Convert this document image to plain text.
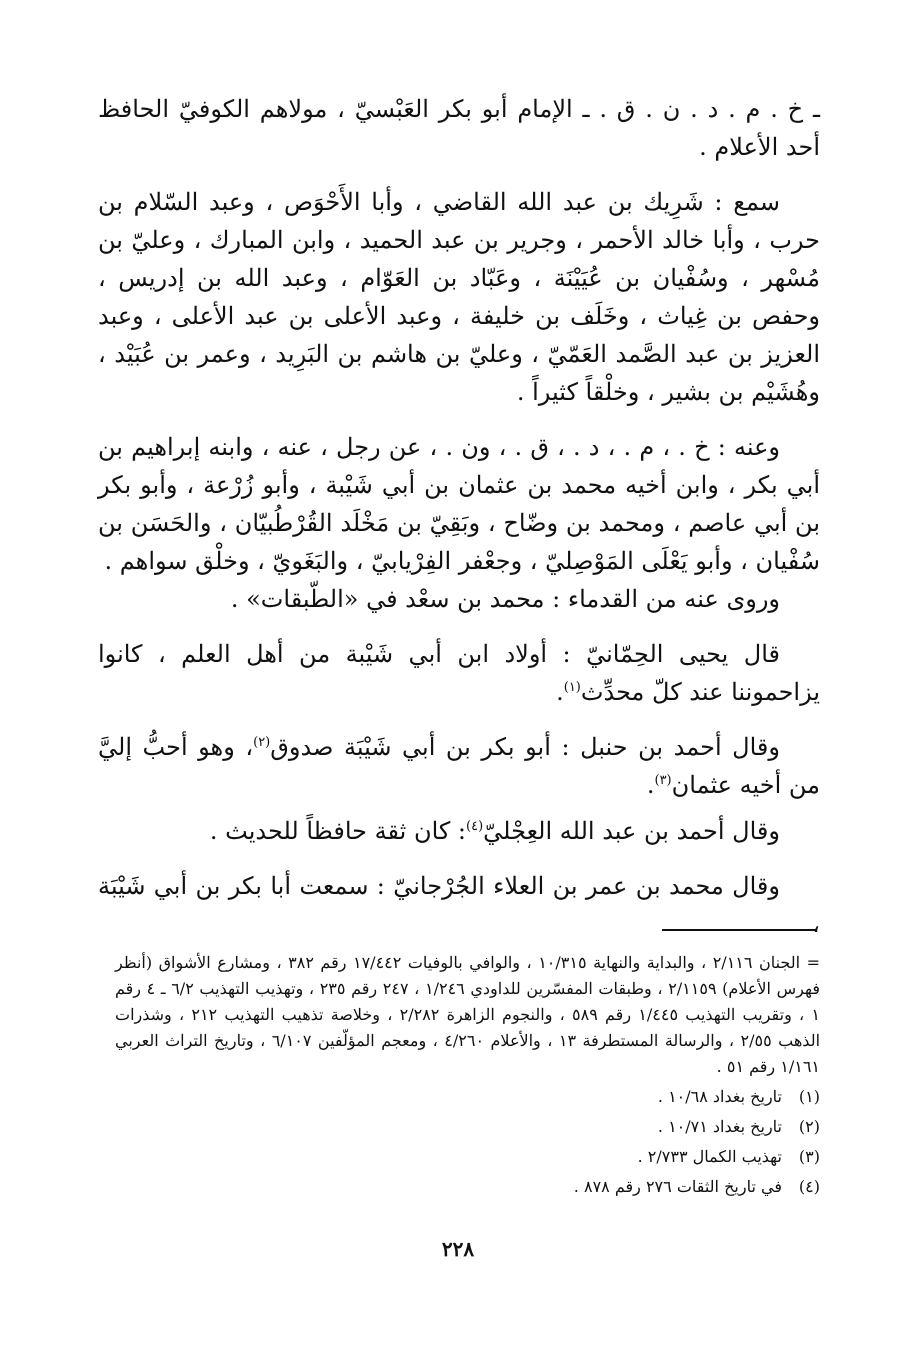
ـ خ . م . د . ن . ق . ـ الإمام أبو بكر العَبْسيّ ، مولاهم الكوفيّ الحافظ أحد الأعلام .

سمع : شَرِيك بن عبد الله القاضي ، وأبا الأَحْوَص ، وعبد السّلام بن حرب ، وأبا خالد الأحمر ، وجرير بن عبد الحميد ، وابن المبارك ، وعليّ بن مُسْهر ، وسُفْيان بن عُيَيْنَة ، وعَبّاد بن العَوّام ، وعبد الله بن إدريس ، وحفص بن غِياث ، وخَلَف بن خليفة ، وعبد الأعلى بن عبد الأعلى ، وعبد العزيز بن عبد الصَّمد العَمّيّ ، وعليّ بن هاشم بن البَرِيد ، وعمر بن عُبَيْد ، وهُشَيْم بن بشير ، وخلْقاً كثيراً .

وعنه : خ . ، م . ، د . ، ق . ، ون . ، عن رجل ، عنه ، وابنه إبراهيم بن أبي بكر ، وابن أخيه محمد بن عثمان بن أبي شَيْبة ، وأبو زُرْعة ، وأبو بكر بن أبي عاصم ، ومحمد بن وضّاح ، وبَقِيّ بن مَخْلَد القُرْطُبيّان ، والحَسَن بن سُفْيان ، وأبو يَعْلَى المَوْصِليّ ، وجعْفر الفِرْيابيّ ، والبَغَويّ ، وخلْق سواهم .

وروى عنه من القدماء : محمد بن سعْد في «الطّبقات» .

قال يحيى الحِمّانيّ : أولاد ابن أبي شَيْبة من أهل العلم ، كانوا يزاحموننا عند كلّ محدِّث$^{(١)}$.

وقال أحمد بن حنبل : أبو بكر بن أبي شَيْبَة صدوق$^{(٢)}$، وهو أحبُّ إليَّ من أخيه عثمان$^{(٣)}$.

وقال أحمد بن عبد الله العِجْليّ$^{(٤)}$: كان ثقة حافظاً للحديث .

وقال محمد بن عمر بن العلاء الجُرْجانيّ : سمعت أبا بكر بن أبي شَيْبَة ،

= الجنان ٢/١١٦ ، والبداية والنهاية ١٠/٣١٥ ، والوافي بالوفيات ١٧/٤٤٢ رقم ٣٨٢ ، ومشارع الأشواق (أنظر فهرس الأعلام) ٢/١١٥٩ ، وطبقات المفسّرين للداودي ١/٢٤٦ ، ٢٤٧ رقم ٢٣٥ ، وتهذيب التهذيب ٦/٢ ـ ٤ رقم ١ ، وتقريب التهذيب ١/٤٤٥ رقم ٥٨٩ ، والنجوم الزاهرة ٢/٢٨٢ ، وخلاصة تذهيب التهذيب ٢١٢ ، وشذرات الذهب ٢/٥٥ ، والرسالة المستطرفة ١٣ ، والأعلام ٤/٢٦٠ ، ومعجم المؤلّفين ٦/١٠٧ ، وتاريخ التراث العربي ١/١٦١ رقم ٥١ .

(١)
تاريخ بغداد ١٠/٦٨ .
(٢)
تاريخ بغداد ١٠/٧١ .
(٣)
تهذيب الكمال ٢/٧٣٣ .
(٤)
في تاريخ الثقات ٢٧٦ رقم ٨٧٨ .
٢٢٨
